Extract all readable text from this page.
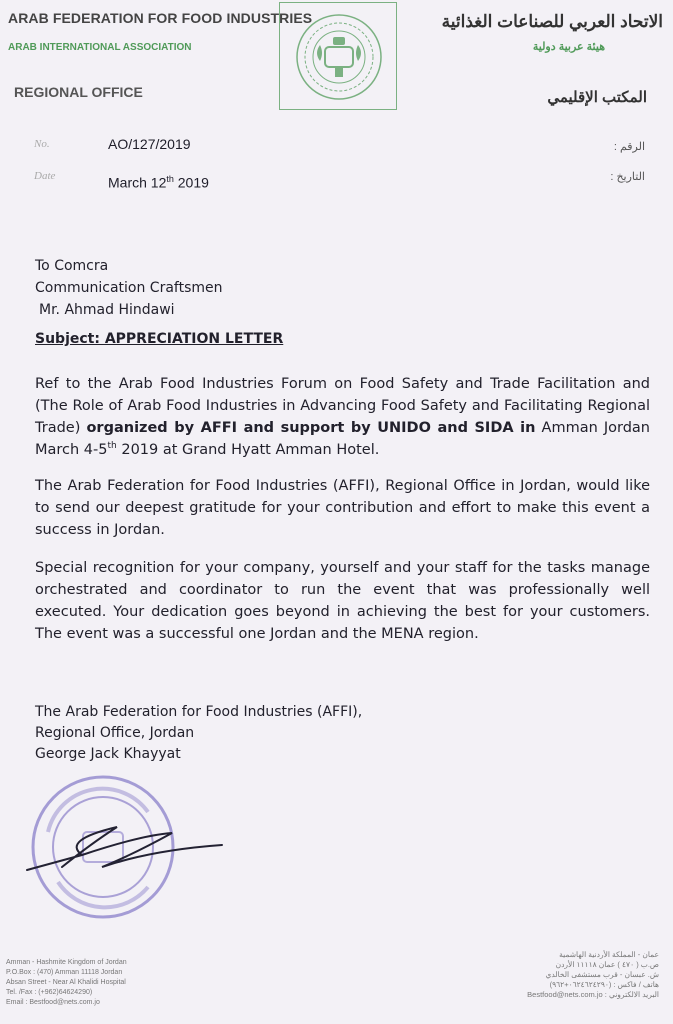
ARAB FEDERATION FOR FOOD INDUSTRIES
ARAB INTERNATIONAL ASSOCIATION
REGIONAL OFFICE
الاتحاد العربي للصناعات الغذائية
هيئة عربية دولية
المكتب الإقليمي
No.	AO/127/2019	الرقم :
Date	March 12th 2019	التاريخ :
To Comcra
Communication Craftsmen
Mr. Ahmad Hindawi
Subject: APPRECIATION LETTER
Ref to the Arab Food Industries Forum on Food Safety and Trade Facilitation and (The Role of Arab Food Industries in Advancing Food Safety and Facilitating Regional Trade) organized by AFFI and support by UNIDO and SIDA in Amman Jordan March 4-5th 2019 at Grand Hyatt Amman Hotel.
The Arab Federation for Food Industries (AFFI), Regional Office in Jordan, would like to send our deepest gratitude for your contribution and effort to make this event a success in Jordan.
Special recognition for your company, yourself and your staff for the tasks manage orchestrated and coordinator to run the event that was professionally well executed. Your dedication goes beyond in achieving the best for your customers. The event was a successful one Jordan and the MENA region.
The Arab Federation for Food Industries (AFFI),
Regional Office, Jordan
George Jack Khayyat
Amman - Hashmite Kingdom of Jordan
P.O.Box : (470) Amman 11118 Jordan
Absan Street - Near Al Khalidi Hospital
Tel. /Fax : (+962)64624290)
Email : Bestfood@nets.com.jo
عمان - المملكة الأردنية الهاشمية
ص.ب ( ٤٧٠ ) عمان ١١١١٨ الأردن
ش. عبسان - قرب مستشفى الخالدي
هاتف / فاكس : (٠٦٢٤٦٢٤٢٩٠+٩٦٢)
البريد الالكتروني : Bestfood@nets.com.jo
